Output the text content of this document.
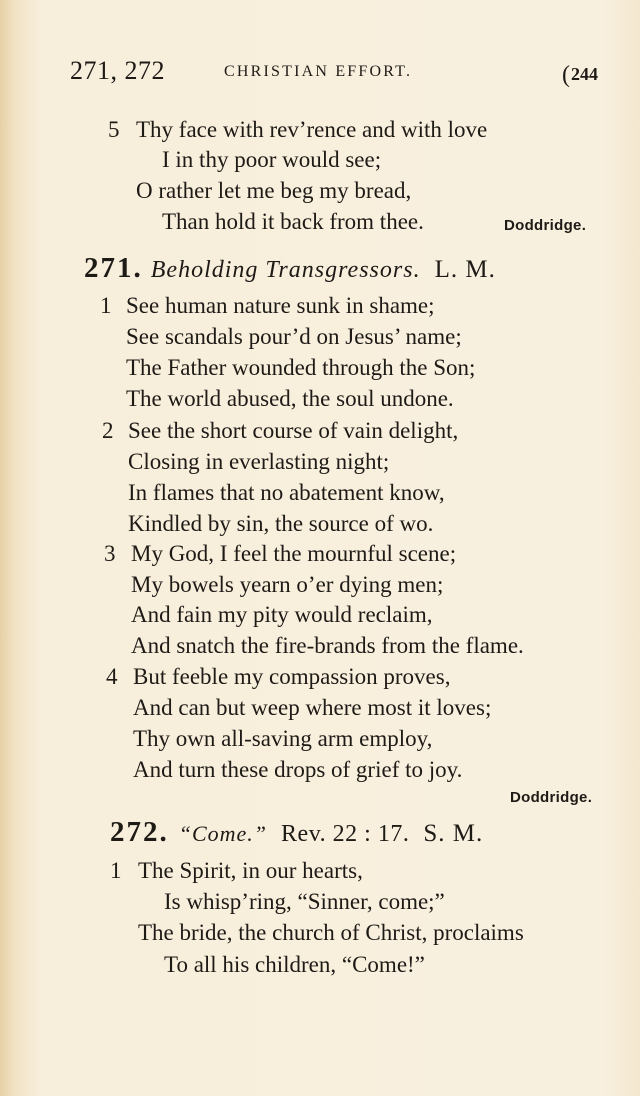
271, 272	CHRISTIAN EFFORT.
(	244
5 Thy face with rev’rence and with love
I in thy poor would see;
O rather let me beg my bread,
Than hold it back from thee.	Doddridge.
271. Beholding Transgressors. L. M.
1 See human nature sunk in shame;
See scandals pour’d on Jesus’ name;
The Father wounded through the Son;
The world abused, the soul undone.
2 See the short course of vain delight,
Closing in everlasting night;
In flames that no abatement know,
Kindled by sin, the source of wo.
3 My God, I feel the mournful scene;
My bowels yearn o’er dying men;
And fain my pity would reclaim,
And snatch the fire-brands from the flame.
4 But feeble my compassion proves,
And can but weep where most it loves;
Thy own all-saving arm employ,
And turn these drops of grief to joy.
Doddridge.
272. “Come.” Rev. 22 : 17. S. M.
1 The Spirit, in our hearts,
Is whisp’ring, “Sinner, come;”
The bride, the church of Christ, proclaims
To all his children, “Come!”
